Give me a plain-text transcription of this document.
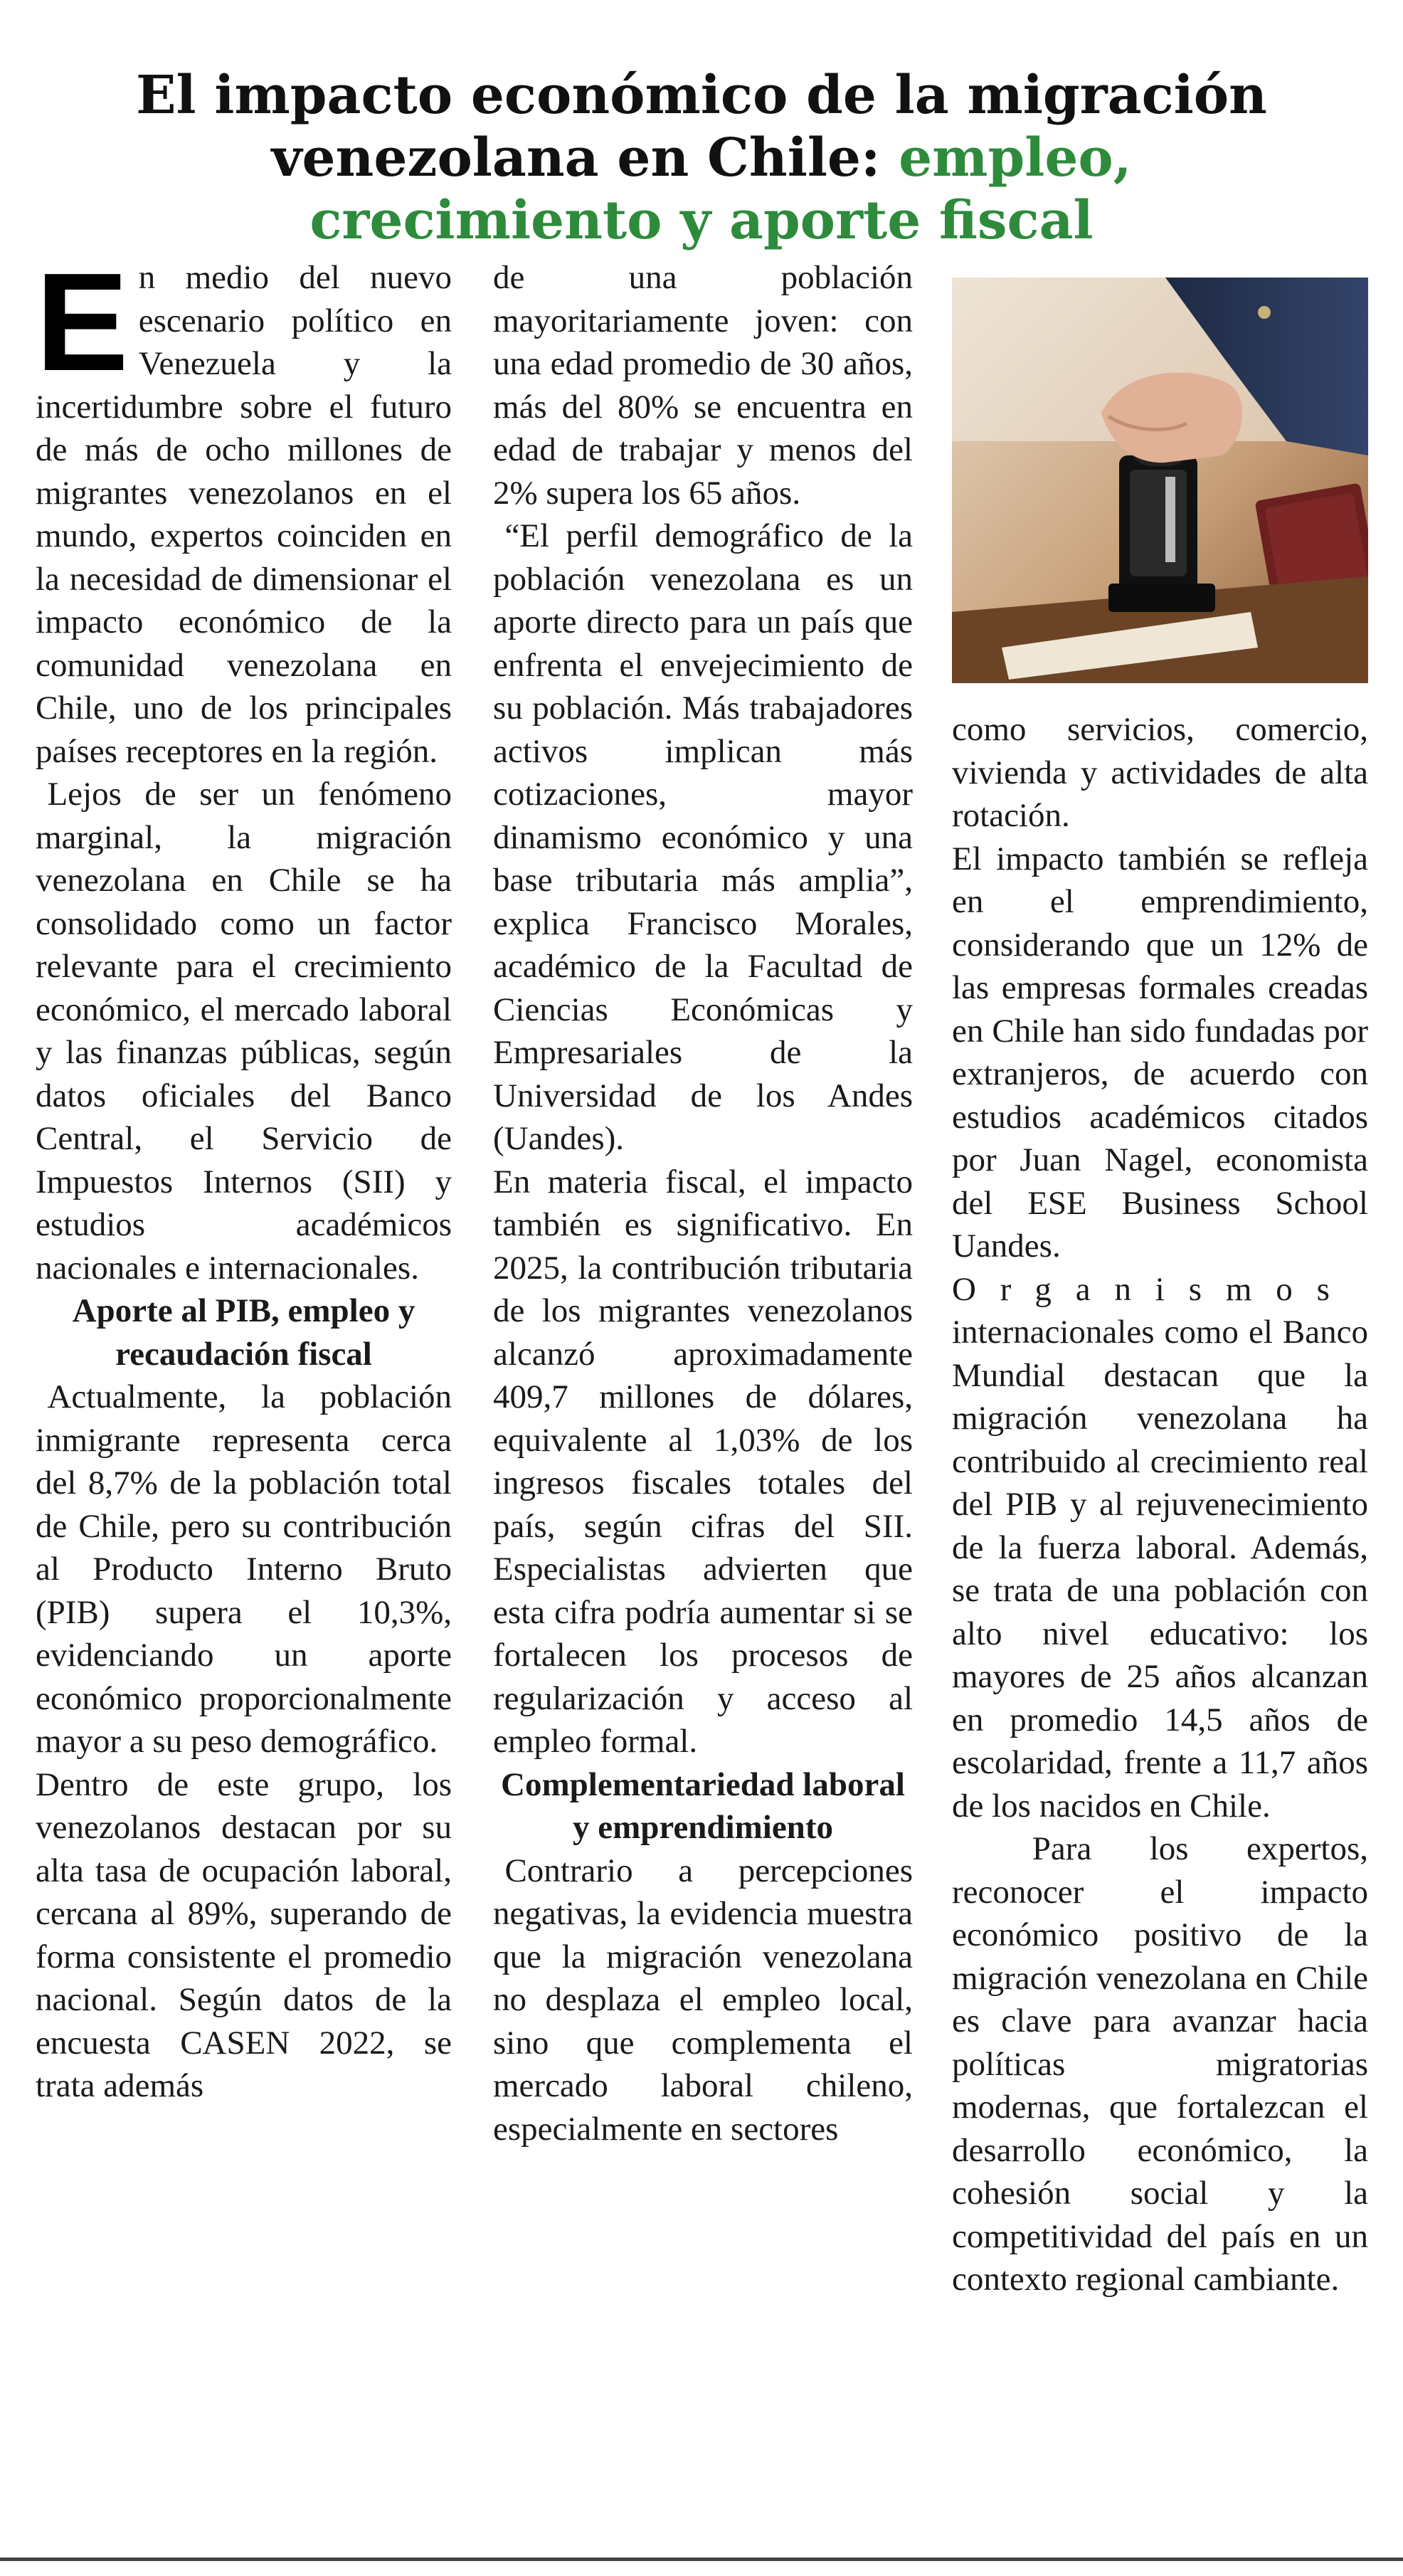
El impacto económico de la migración
venezolana en Chile: empleo,
crecimiento y aporte fiscal

En medio del nuevo escenario político en Venezuela y la incertidumbre sobre el futuro de más de ocho millones de migrantes venezolanos en el mundo, expertos coinciden en la necesidad de dimensionar el impacto económico de la comunidad venezolana en Chile, uno de los principales países receptores en la región.

Lejos de ser un fenómeno marginal, la migración venezolana en Chile se ha consolidado como un factor relevante para el crecimiento económico, el mercado laboral y las finanzas públicas, según datos oficiales del Banco Central, el Servicio de Impuestos Internos (SII) y estudios académicos nacionales e internacionales.

Aporte al PIB, empleo y recaudación fiscal

Actualmente, la población inmigrante representa cerca del 8,7% de la población total de Chile, pero su contribución al Producto Interno Bruto (PIB) supera el 10,3%, evidenciando un aporte económico proporcionalmente mayor a su peso demográfico.

Dentro de este grupo, los venezolanos destacan por su alta tasa de ocupación laboral, cercana al 89%, superando de forma consistente el promedio nacional. Según datos de la encuesta CASEN 2022, se trata además

de una población mayoritariamente joven: con una edad promedio de 30 años, más del 80% se encuentra en edad de trabajar y menos del 2% supera los 65 años.

“El perfil demográfico de la población venezolana es un aporte directo para un país que enfrenta el envejecimiento de su población. Más trabajadores activos implican más cotizaciones, mayor dinamismo económico y una base tributaria más amplia”, explica Francisco Morales, académico de la Facultad de Ciencias Económicas y Empresariales de la Universidad de los Andes (Uandes).

En materia fiscal, el impacto también es significativo. En 2025, la contribución tributaria de los migrantes venezolanos alcanzó aproximadamente 409,7 millones de dólares, equivalente al 1,03% de los ingresos fiscales totales del país, según cifras del SII. Especialistas advierten que esta cifra podría aumentar si se fortalecen los procesos de regularización y acceso al empleo formal.

Complementariedad laboral y emprendimiento

Contrario a percepciones negativas, la evidencia muestra que la migración venezolana no desplaza el empleo local, sino que complementa el mercado laboral chileno, especialmente en sectores

como servicios, comercio, vivienda y actividades de alta rotación.

El impacto también se refleja en el emprendimiento, considerando que un 12% de las empresas formales creadas en Chile han sido fundadas por extranjeros, de acuerdo con estudios académicos citados por Juan Nagel, economista del ESE Business School Uandes.

Organismos internacionales como el Banco Mundial destacan que la migración venezolana ha contribuido al crecimiento real del PIB y al rejuvenecimiento de la fuerza laboral. Además, se trata de una población con alto nivel educativo: los mayores de 25 años alcanzan en promedio 14,5 años de escolaridad, frente a 11,7 años de los nacidos en Chile.

Para los expertos, reconocer el impacto económico positivo de la migración venezolana en Chile es clave para avanzar hacia políticas migratorias modernas, que fortalezcan el desarrollo económico, la cohesión social y la competitividad del país en un contexto regional cambiante.
